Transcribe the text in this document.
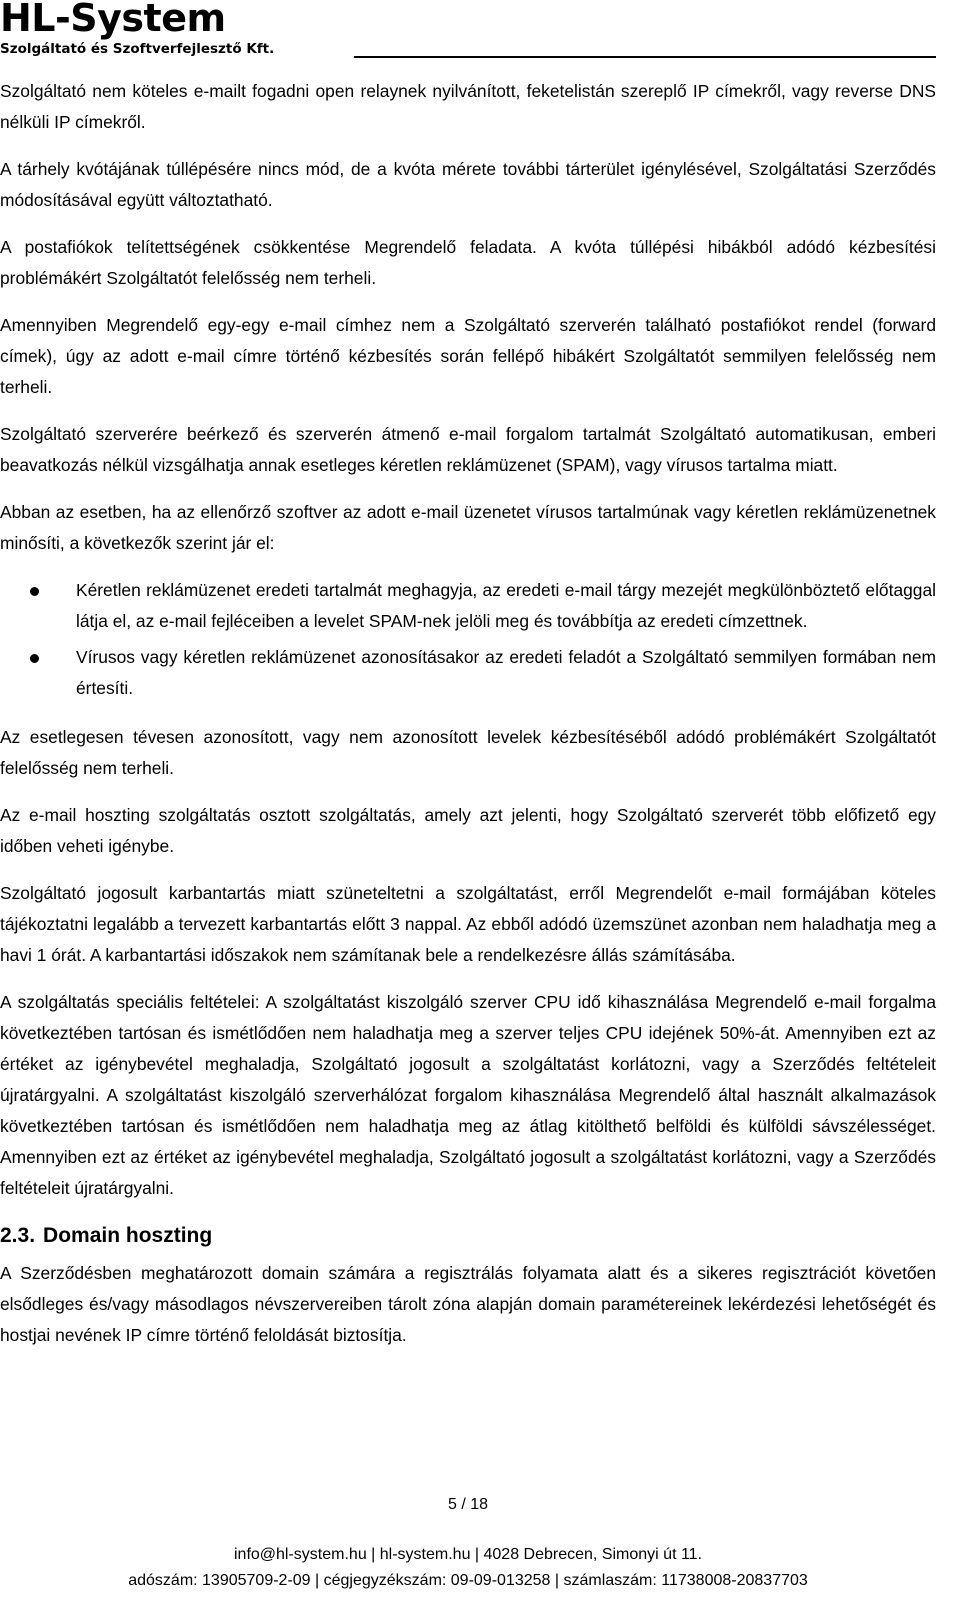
HL-System
Szolgáltató és Szoftverfejlesztő Kft.

Szolgáltató nem köteles e-mailt fogadni open relaynek nyilvánított, feketelistán szereplő IP címekről, vagy reverse DNS nélküli IP címekről.

A tárhely kvótájának túllépésére nincs mód, de a kvóta mérete további tárterület igénylésével, Szolgáltatási Szerződés módosításával együtt változtatható.

A postafiókok telítettségének csökkentése Megrendelő feladata. A kvóta túllépési hibákból adódó kézbesítési problémákért Szolgáltatót felelősség nem terheli.

Amennyiben Megrendelő egy-egy e-mail címhez nem a Szolgáltató szerverén található postafiókot rendel (forward címek), úgy az adott e-mail címre történő kézbesítés során fellépő hibákért Szolgáltatót semmilyen felelősség nem terheli.

Szolgáltató szerverére beérkező és szerverén átmenő e-mail forgalom tartalmát Szolgáltató automatikusan, emberi beavatkozás nélkül vizsgálhatja annak esetleges kéretlen reklámüzenet (SPAM), vagy vírusos tartalma miatt.

Abban az esetben, ha az ellenőrző szoftver az adott e-mail üzenetet vírusos tartalmúnak vagy kéretlen reklámüzenetnek minősíti, a következők szerint jár el:

Kéretlen reklámüzenet eredeti tartalmát meghagyja, az eredeti e-mail tárgy mezejét megkülönböztető előtaggal látja el, az e-mail fejléceiben a levelet SPAM-nek jelöli meg és továbbítja az eredeti címzettnek.
Vírusos vagy kéretlen reklámüzenet azonosításakor az eredeti feladót a Szolgáltató semmilyen formában nem értesíti.

Az esetlegesen tévesen azonosított, vagy nem azonosított levelek kézbesítéséből adódó problémákért Szolgáltatót felelősség nem terheli.

Az e-mail hoszting szolgáltatás osztott szolgáltatás, amely azt jelenti, hogy Szolgáltató szerverét több előfizető egy időben veheti igénybe.

Szolgáltató jogosult karbantartás miatt szüneteltetni a szolgáltatást, erről Megrendelőt e-mail formájában köteles tájékoztatni legalább a tervezett karbantartás előtt 3 nappal. Az ebből adódó üzemszünet azonban nem haladhatja meg a havi 1 órát. A karbantartási időszakok nem számítanak bele a rendelkezésre állás számításába.

A szolgáltatás speciális feltételei: A szolgáltatást kiszolgáló szerver CPU idő kihasználása Megrendelő e-mail forgalma következtében tartósan és ismétlődően nem haladhatja meg a szerver teljes CPU idejének 50%-át. Amennyiben ezt az értéket az igénybevétel meghaladja, Szolgáltató jogosult a szolgáltatást korlátozni, vagy a Szerződés feltételeit újratárgyalni. A szolgáltatást kiszolgáló szerverhálózat forgalom kihasználása Megrendelő által használt alkalmazások következtében tartósan és ismétlődően nem haladhatja meg az átlag kitölthető belföldi és külföldi sávszélességet. Amennyiben ezt az értéket az igénybevétel meghaladja, Szolgáltató jogosult a szolgáltatást korlátozni, vagy a Szerződés feltételeit újratárgyalni.

2.3. Domain hoszting

A Szerződésben meghatározott domain számára a regisztrálás folyamata alatt és a sikeres regisztrációt követően elsődleges és/vagy másodlagos névszervereiben tárolt zóna alapján domain paramétereinek lekérdezési lehetőségét és hostjai nevének IP címre történő feloldását biztosítja.

5 / 18
info@hl-system.hu | hl-system.hu | 4028 Debrecen, Simonyi út 11.
adószám: 13905709-2-09 | cégjegyzékszám: 09-09-013258 | számlaszám: 11738008-20837703
